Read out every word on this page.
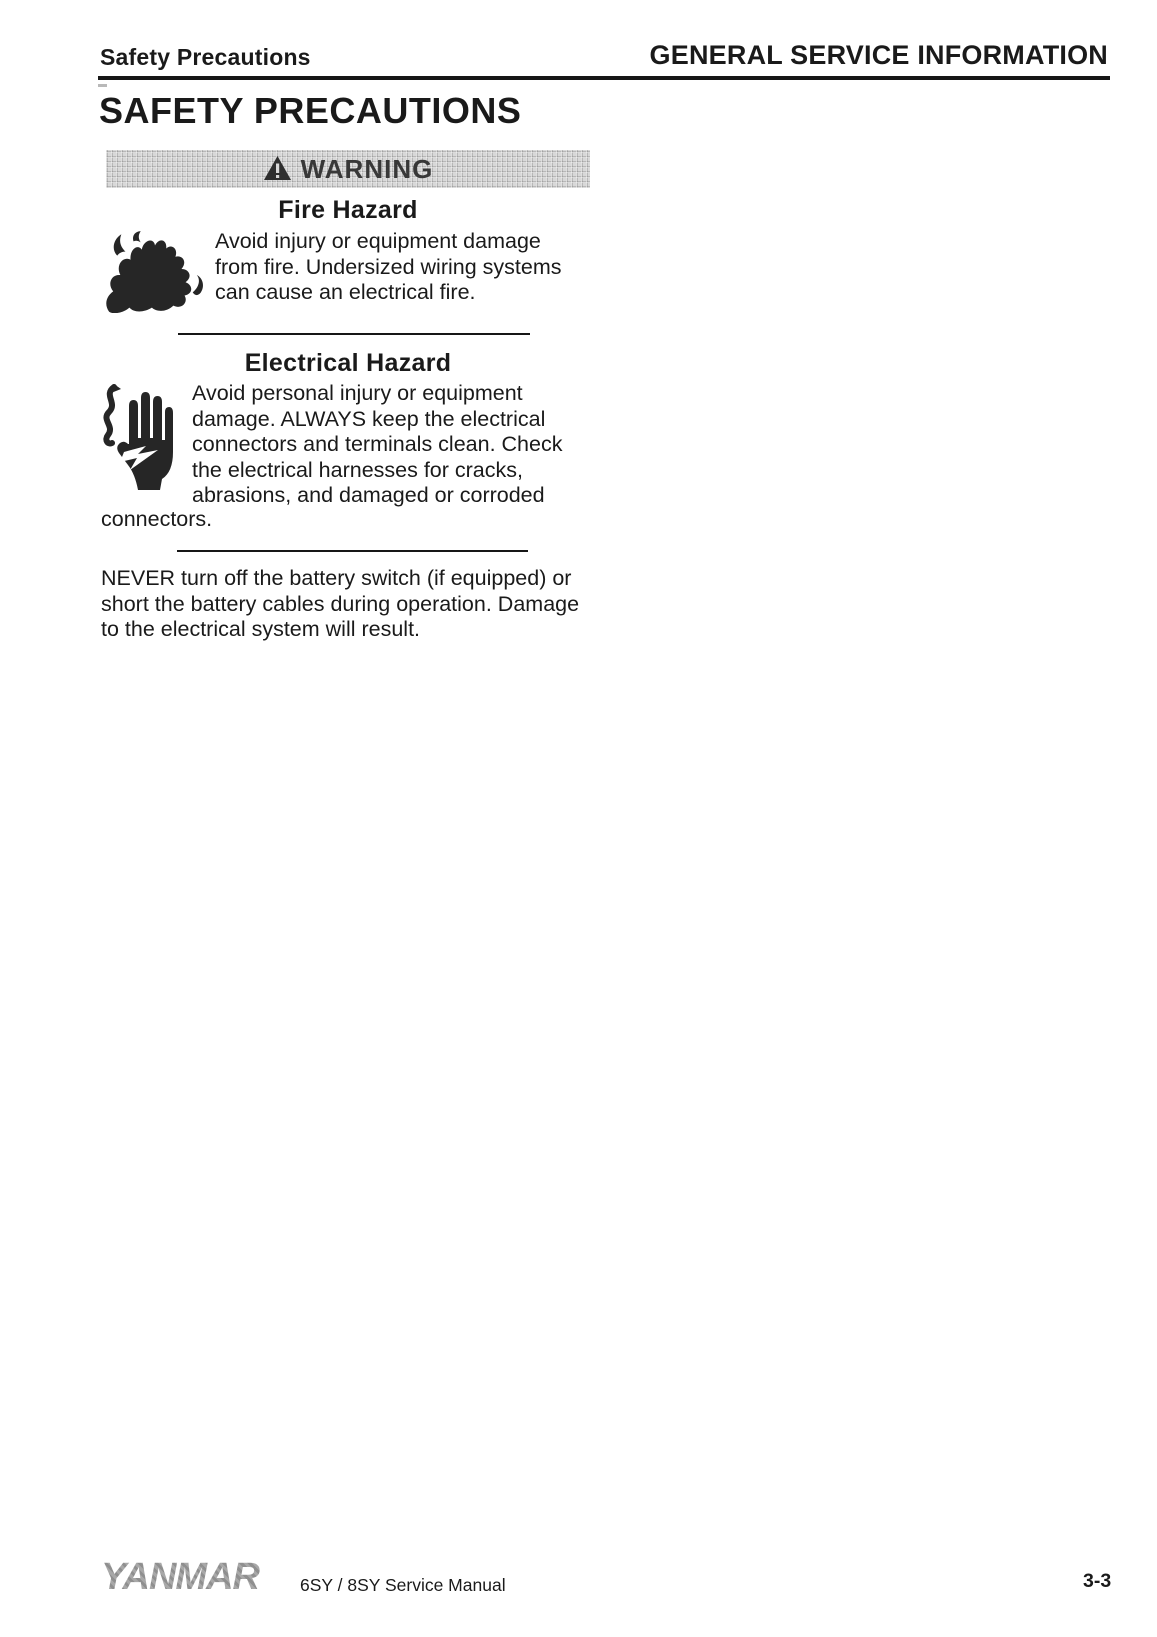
Safety Precautions	GENERAL SERVICE INFORMATION
SAFETY PRECAUTIONS
WARNING
Fire Hazard
Avoid injury or equipment damage
from fire. Undersized wiring systems
can cause an electrical fire.
Electrical Hazard
Avoid personal injury or equipment
damage. ALWAYS keep the electrical
connectors and terminals clean. Check
the electrical harnesses for cracks,
abrasions, and damaged or corroded
connectors.
NEVER turn off the battery switch (if equipped) or
short the battery cables during operation. Damage
to the electrical system will result.
YANMAR® 6SY / 8SY Service Manual	3-3
